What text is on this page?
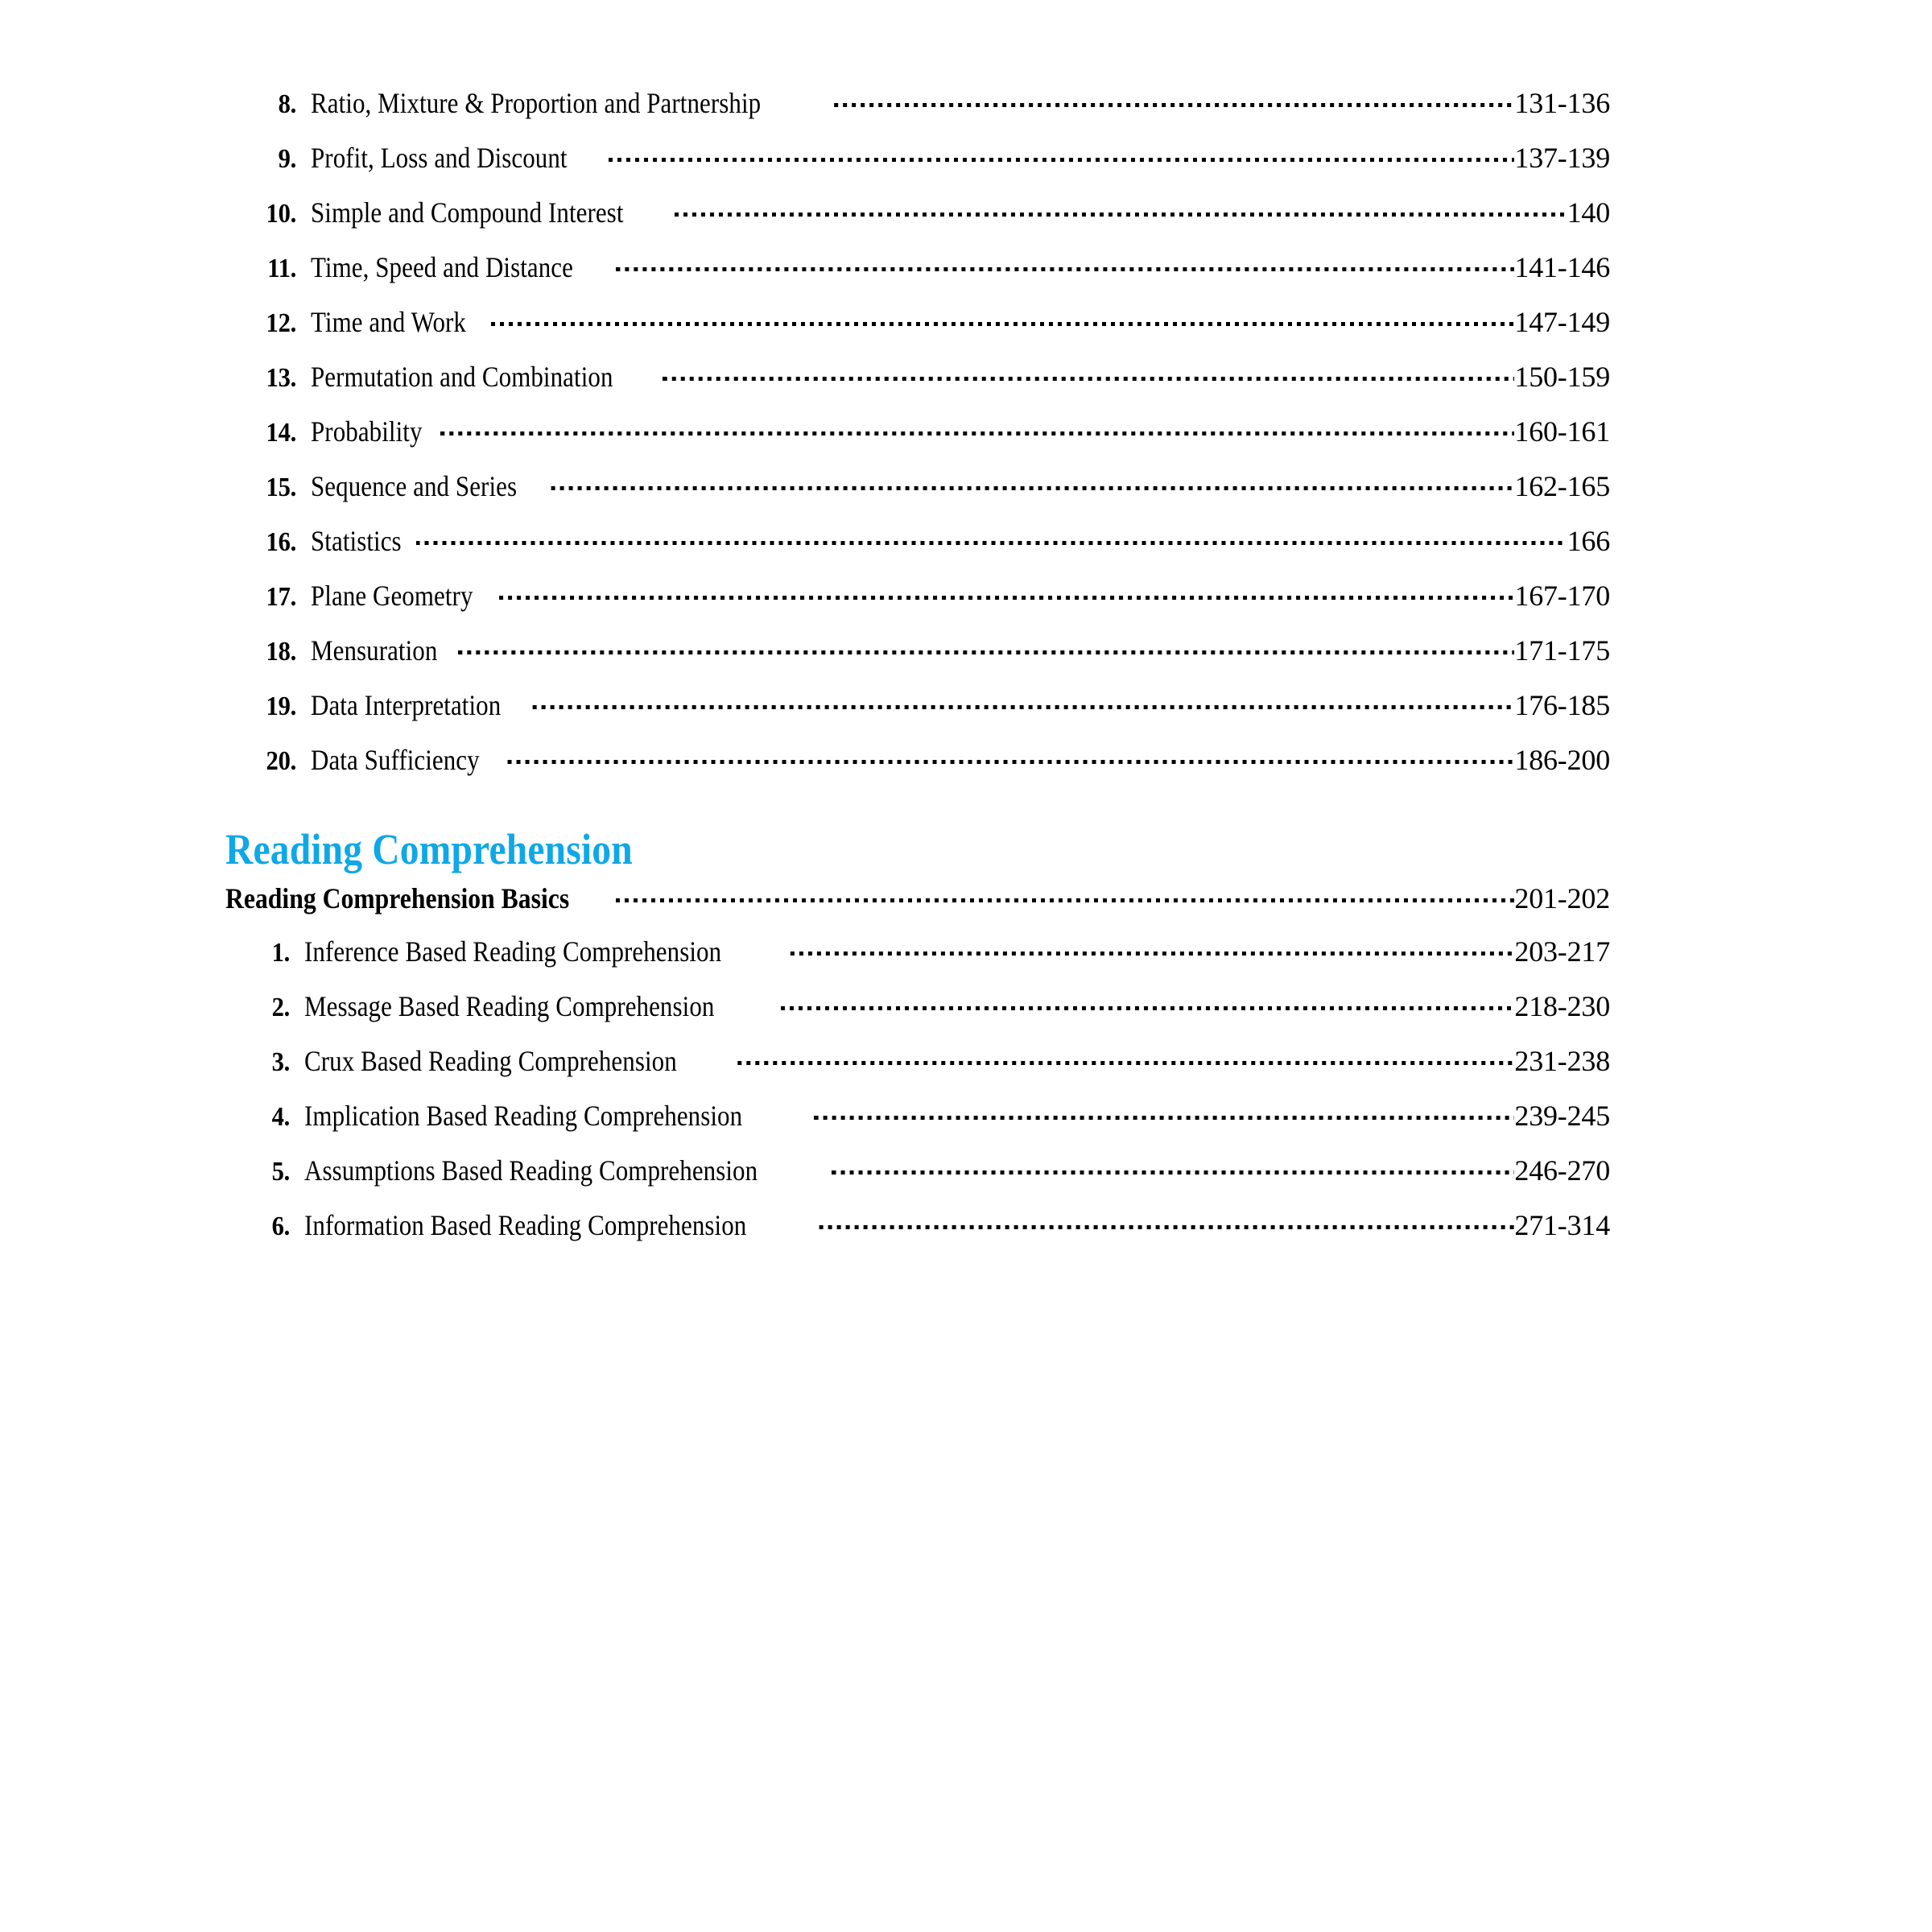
8. Ratio, Mixture & Proportion and Partnership	131-136
9. Profit, Loss and Discount	137-139
10. Simple and Compound Interest	140
11. Time, Speed and Distance	141-146
12. Time and Work	147-149
13. Permutation and Combination	150-159
14. Probability	160-161
15. Sequence and Series	162-165
16. Statistics	166
17. Plane Geometry	167-170
18. Mensuration	171-175
19. Data Interpretation	176-185
20. Data Sufficiency	186-200
Reading Comprehension
Reading Comprehension Basics	201-202
1. Inference Based Reading Comprehension	203-217
2. Message Based Reading Comprehension	218-230
3. Crux Based Reading Comprehension	231-238
4. Implication Based Reading Comprehension	239-245
5. Assumptions Based Reading Comprehension	246-270
6. Information Based Reading Comprehension	271-314
